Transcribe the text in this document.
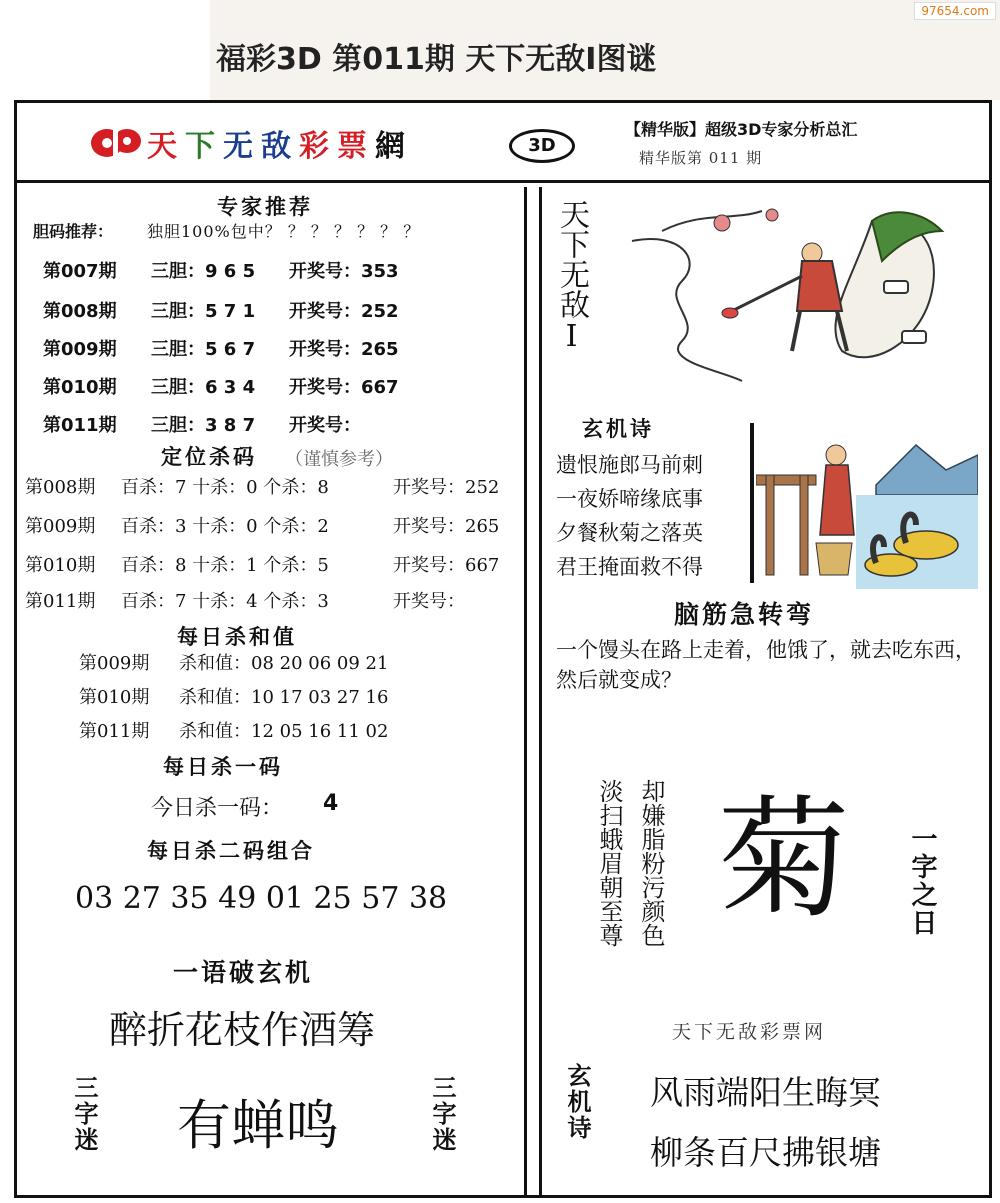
福彩3D 第011期 天下无敌Ⅰ图谜
97654.com
天下无敌彩票網	3D
【精华版】超级3D专家分析总汇
精华版第 011 期
专家推荐
胆码推荐： 独胆100%包中？ ？ ？ ？ ？ ？ ？
第007期 三胆：9 6 5 开奖号：353
第008期 三胆：5 7 1 开奖号：252
第009期 三胆：5 6 7 开奖号：265
第010期 三胆：6 3 4 开奖号：667
第011期 三胆：3 8 7 开奖号：
定位杀码 （谨慎参考）
第008期 百杀：7 十杀：0 个杀：8	开奖号：252
第009期 百杀：3 十杀：0 个杀：2	开奖号：265
第010期 百杀：8 十杀：1 个杀：5	开奖号：667
第011期 百杀：7 十杀：4 个杀：3	开奖号：
每日杀和值
第009期 杀和值：08 20 06 09 21
第010期 杀和值：10 17 03 27 16
第011期 杀和值：12 05 16 11 02
每日杀一码
今日杀一码： 4
每日杀二码组合
03 27 35 49 01 25 57 38
一语破玄机
醉折花枝作酒筹
三字迷 有蝉鸣	三字迷
天下无敌Ⅰ
玄机诗
遗恨施郎马前刺
一夜娇啼缘底事
夕餐秋菊之落英
君王掩面救不得
脑筋急转弯
一个馒头在路上走着，他饿了，就去吃东西，然后就变成？
淡扫蛾眉朝至尊 却嫌脂粉污颜色 菊 一字之日
天下无敌彩票网
玄机诗 风雨端阳生晦冥
柳条百尺拂银塘
